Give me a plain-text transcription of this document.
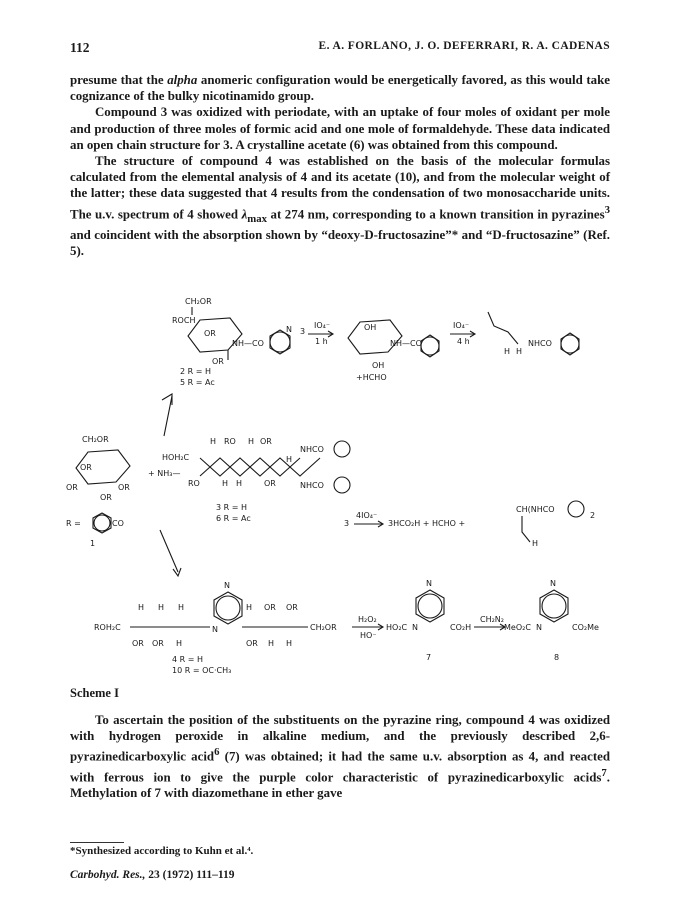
112	E. A. FORLANO, J. O. DEFERRARI, R. A. CADENAS

presume that the alpha anomeric configuration would be energetically favored, as this would take cognizance of the bulky nicotinamido group.

Compound 3 was oxidized with periodate, with an uptake of four moles of oxidant per mole and production of three moles of formic acid and one mole of formaldehyde. These data indicated an open chain structure for 3. A crystalline acetate (6) was obtained from this compound.

The structure of compound 4 was established on the basis of the molecular formulas calculated from the elemental analysis of 4 and its acetate (10), and from the molecular weight of the latter; these data suggested that 4 results from the condensation of two monosaccharide units. The u.v. spectrum of 4 showed $\lambda_{max}$ at 274 nm, corresponding to a known transition in pyrazines$^3$ and coincident with the absorption shown by “deoxy-D-fructosazine”* and “D-fructosazine” (Ref. 5).

CH₂OR
ROCH
OR
OR
NH—CO
N
2 R = H
5 R = Ac
3
IO₄⁻
1 h
OH
OH
NH—CO
+HCHO
IO₄⁻
4 h
H H
NHCO
CH₂OR
OR
OR	OR
OR
+ NH₃—
R =	CO
1
HOH₂C
RO
H RO H OR
H H	OR
H
NHCO
NHCO
3 R = H
6 R = Ac
3
4IO₄⁻
3HCO₂H + HCHO +
CH(NHCO
2
H
ROH₂C
H H H
OR OR H
N
N
H OR OR
OR H H
CH₂OR
4 R = H
10 R = OC·CH₃
H₂O₂
HO⁻
HO₂C
N
N	CO₂H
7
CH₂N₂
MeO₂C
N
N	CO₂Me
8
Scheme I

To ascertain the position of the substituents on the pyrazine ring, compound 4 was oxidized with hydrogen peroxide in alkaline medium, and the previously described 2,6-pyrazinedicarboxylic acid$^6$ (7) was obtained; it had the same u.v. absorption as 4, and reacted with ferrous ion to give the purple color characteristic of pyrazinedicarboxylic acids$^7$. Methylation of 7 with diazomethane in ether gave

*Synthesized according to Kuhn et al.⁴.
Carbohyd. Res., 23 (1972) 111–119
